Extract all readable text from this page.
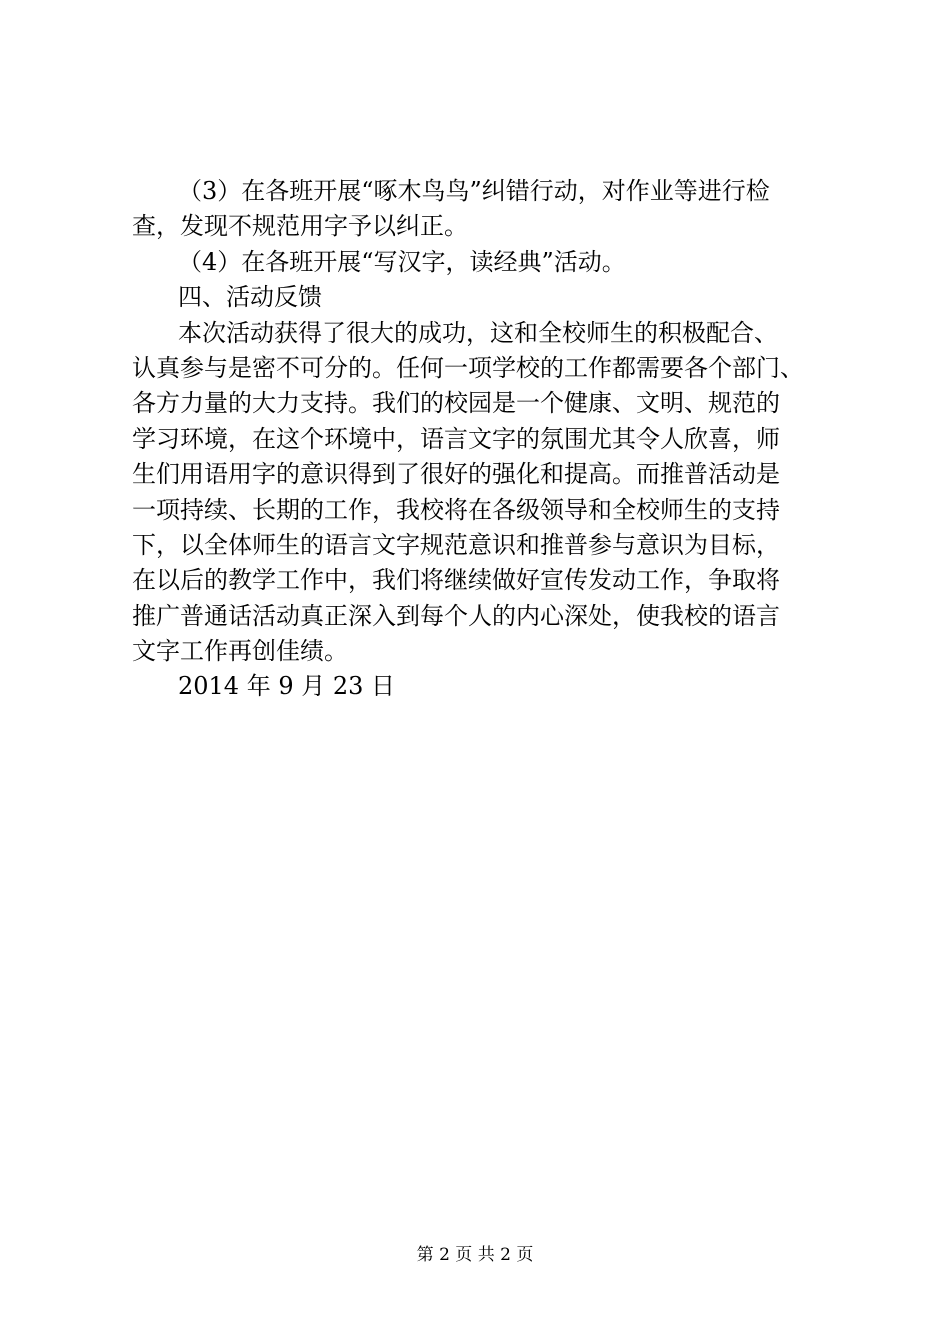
（3）在各班开展“啄木鸟鸟”纠错行动，对作业等进行检
查，发现不规范用字予以纠正。
（4）在各班开展“写汉字，读经典”活动。
四、活动反馈
本次活动获得了很大的成功，这和全校师生的积极配合、
认真参与是密不可分的。任何一项学校的工作都需要各个部门、
各方力量的大力支持。我们的校园是一个健康、文明、规范的
学习环境，在这个环境中，语言文字的氛围尤其令人欣喜，师
生们用语用字的意识得到了很好的强化和提高。而推普活动是
一项持续、长期的工作，我校将在各级领导和全校师生的支持
下，以全体师生的语言文字规范意识和推普参与意识为目标，
在以后的教学工作中，我们将继续做好宣传发动工作，争取将
推广普通话活动真正深入到每个人的内心深处，使我校的语言
文字工作再创佳绩。
2014 年 9 月 23 日
第 2 页 共 2 页
